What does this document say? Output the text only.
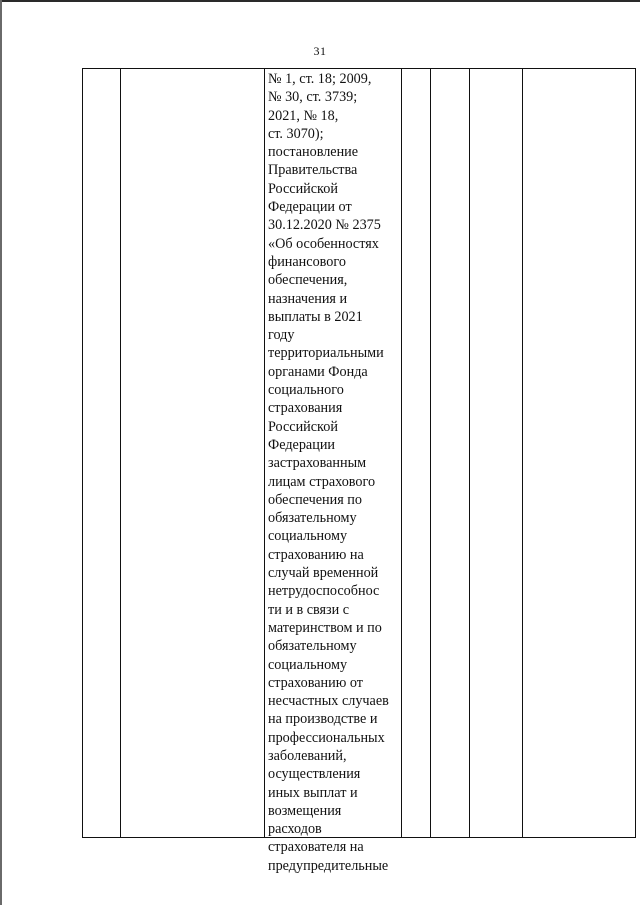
31
№ 1, ст. 18; 2009,
№ 30, ст. 3739;
2021, № 18,
ст. 3070);
постановление
Правительства
Российской
Федерации от
30.12.2020 № 2375
«Об особенностях
финансового
обеспечения,
назначения и
выплаты в 2021
году
территориальными
органами Фонда
социального
страхования
Российской
Федерации
застрахованным
лицам страхового
обеспечения по
обязательному
социальному
страхованию на
случай временной
нетрудоспособнос
ти и в связи с
материнством и по
обязательному
социальному
страхованию от
несчастных случаев
на производстве и
профессиональных
заболеваний,
осуществления
иных выплат и
возмещения
расходов
страхователя на
предупредительные
